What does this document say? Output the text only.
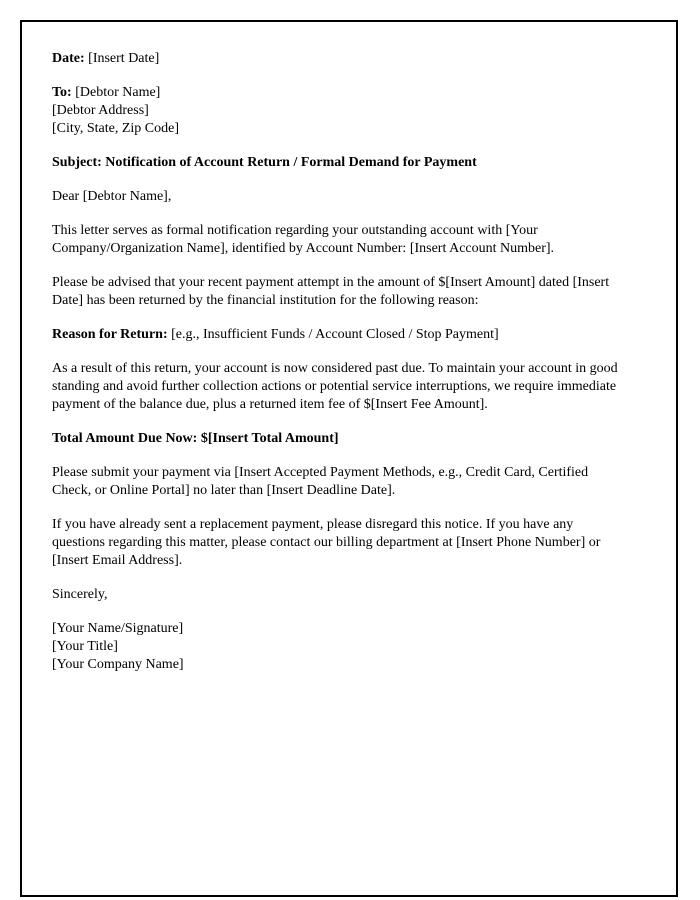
Date: [Insert Date]

To: [Debtor Name]
[Debtor Address]
[City, State, Zip Code]

Subject: Notification of Account Return / Formal Demand for Payment

Dear [Debtor Name],

This letter serves as formal notification regarding your outstanding account with [Your Company/Organization Name], identified by Account Number: [Insert Account Number].

Please be advised that your recent payment attempt in the amount of $[Insert Amount] dated [Insert Date] has been returned by the financial institution for the following reason:

Reason for Return: [e.g., Insufficient Funds / Account Closed / Stop Payment]

As a result of this return, your account is now considered past due. To maintain your account in good standing and avoid further collection actions or potential service interruptions, we require immediate payment of the balance due, plus a returned item fee of $[Insert Fee Amount].

Total Amount Due Now: $[Insert Total Amount]

Please submit your payment via [Insert Accepted Payment Methods, e.g., Credit Card, Certified Check, or Online Portal] no later than [Insert Deadline Date].

If you have already sent a replacement payment, please disregard this notice. If you have any questions regarding this matter, please contact our billing department at [Insert Phone Number] or [Insert Email Address].

Sincerely,

[Your Name/Signature]
[Your Title]
[Your Company Name]
